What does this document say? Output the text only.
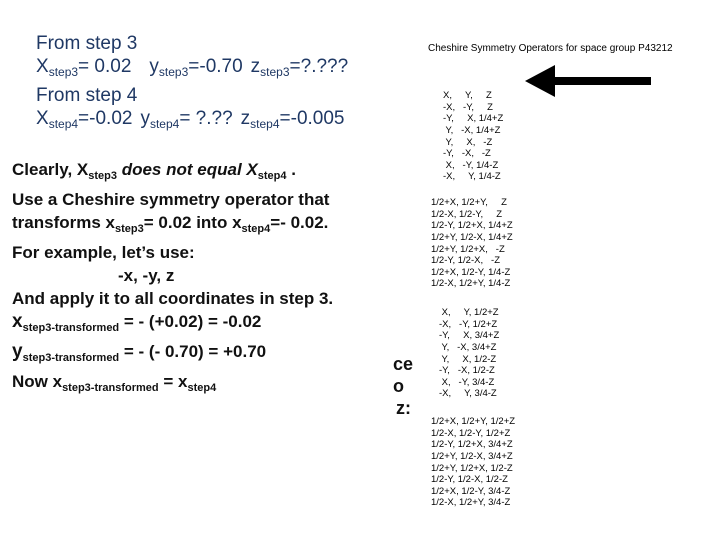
From step 3
$X_{step3}= 0.02$ $y_{step3}=-0.70$ $z_{step3}=$?.???
From step 4
$X_{step4}=-0.02$ $y_{step4}=$ ?.?? $z_{step4}=-0.005$
Clearly, $X_{step3}$ does not equal $X_{step4}$ .
Use a Cheshire symmetry operator that
transforms $x_{step3}= 0.02$ into $x_{step4}=-$ 0.02.
For example, let’s use:
-x, -y, z
And apply it to all coordinates in step 3.
$x_{step3-transformed}$ = - (+0.02) = -0.02
$y_{step3-transformed}$ = - (- 0.70) = +0.70
Now $x_{step3-transformed} = x_{step4}$
ce
o
z:
Cheshire Symmetry Operators for space group P43212

X,     Y,     Z
-X,   -Y,     Z
-Y,     X, 1/4+Z
Y,   -X, 1/4+Z
Y,     X,   -Z
-Y,   -X,   -Z
X,   -Y, 1/4-Z
-X,     Y, 1/4-Z

1/2+X, 1/2+Y,     Z
1/2-X, 1/2-Y,     Z
1/2-Y, 1/2+X, 1/4+Z
1/2+Y, 1/2-X, 1/4+Z
1/2+Y, 1/2+X,   -Z
1/2-Y, 1/2-X,   -Z
1/2+X, 1/2-Y, 1/4-Z
1/2-X, 1/2+Y, 1/4-Z

X,     Y, 1/2+Z
-X,   -Y, 1/2+Z
-Y,     X, 3/4+Z
Y,   -X, 3/4+Z
Y,     X, 1/2-Z
-Y,   -X, 1/2-Z
X,   -Y, 3/4-Z
-X,     Y, 3/4-Z

1/2+X, 1/2+Y, 1/2+Z
1/2-X, 1/2-Y, 1/2+Z
1/2-Y, 1/2+X, 3/4+Z
1/2+Y, 1/2-X, 3/4+Z
1/2+Y, 1/2+X, 1/2-Z
1/2-Y, 1/2-X, 1/2-Z
1/2+X, 1/2-Y, 3/4-Z
1/2-X, 1/2+Y, 3/4-Z
